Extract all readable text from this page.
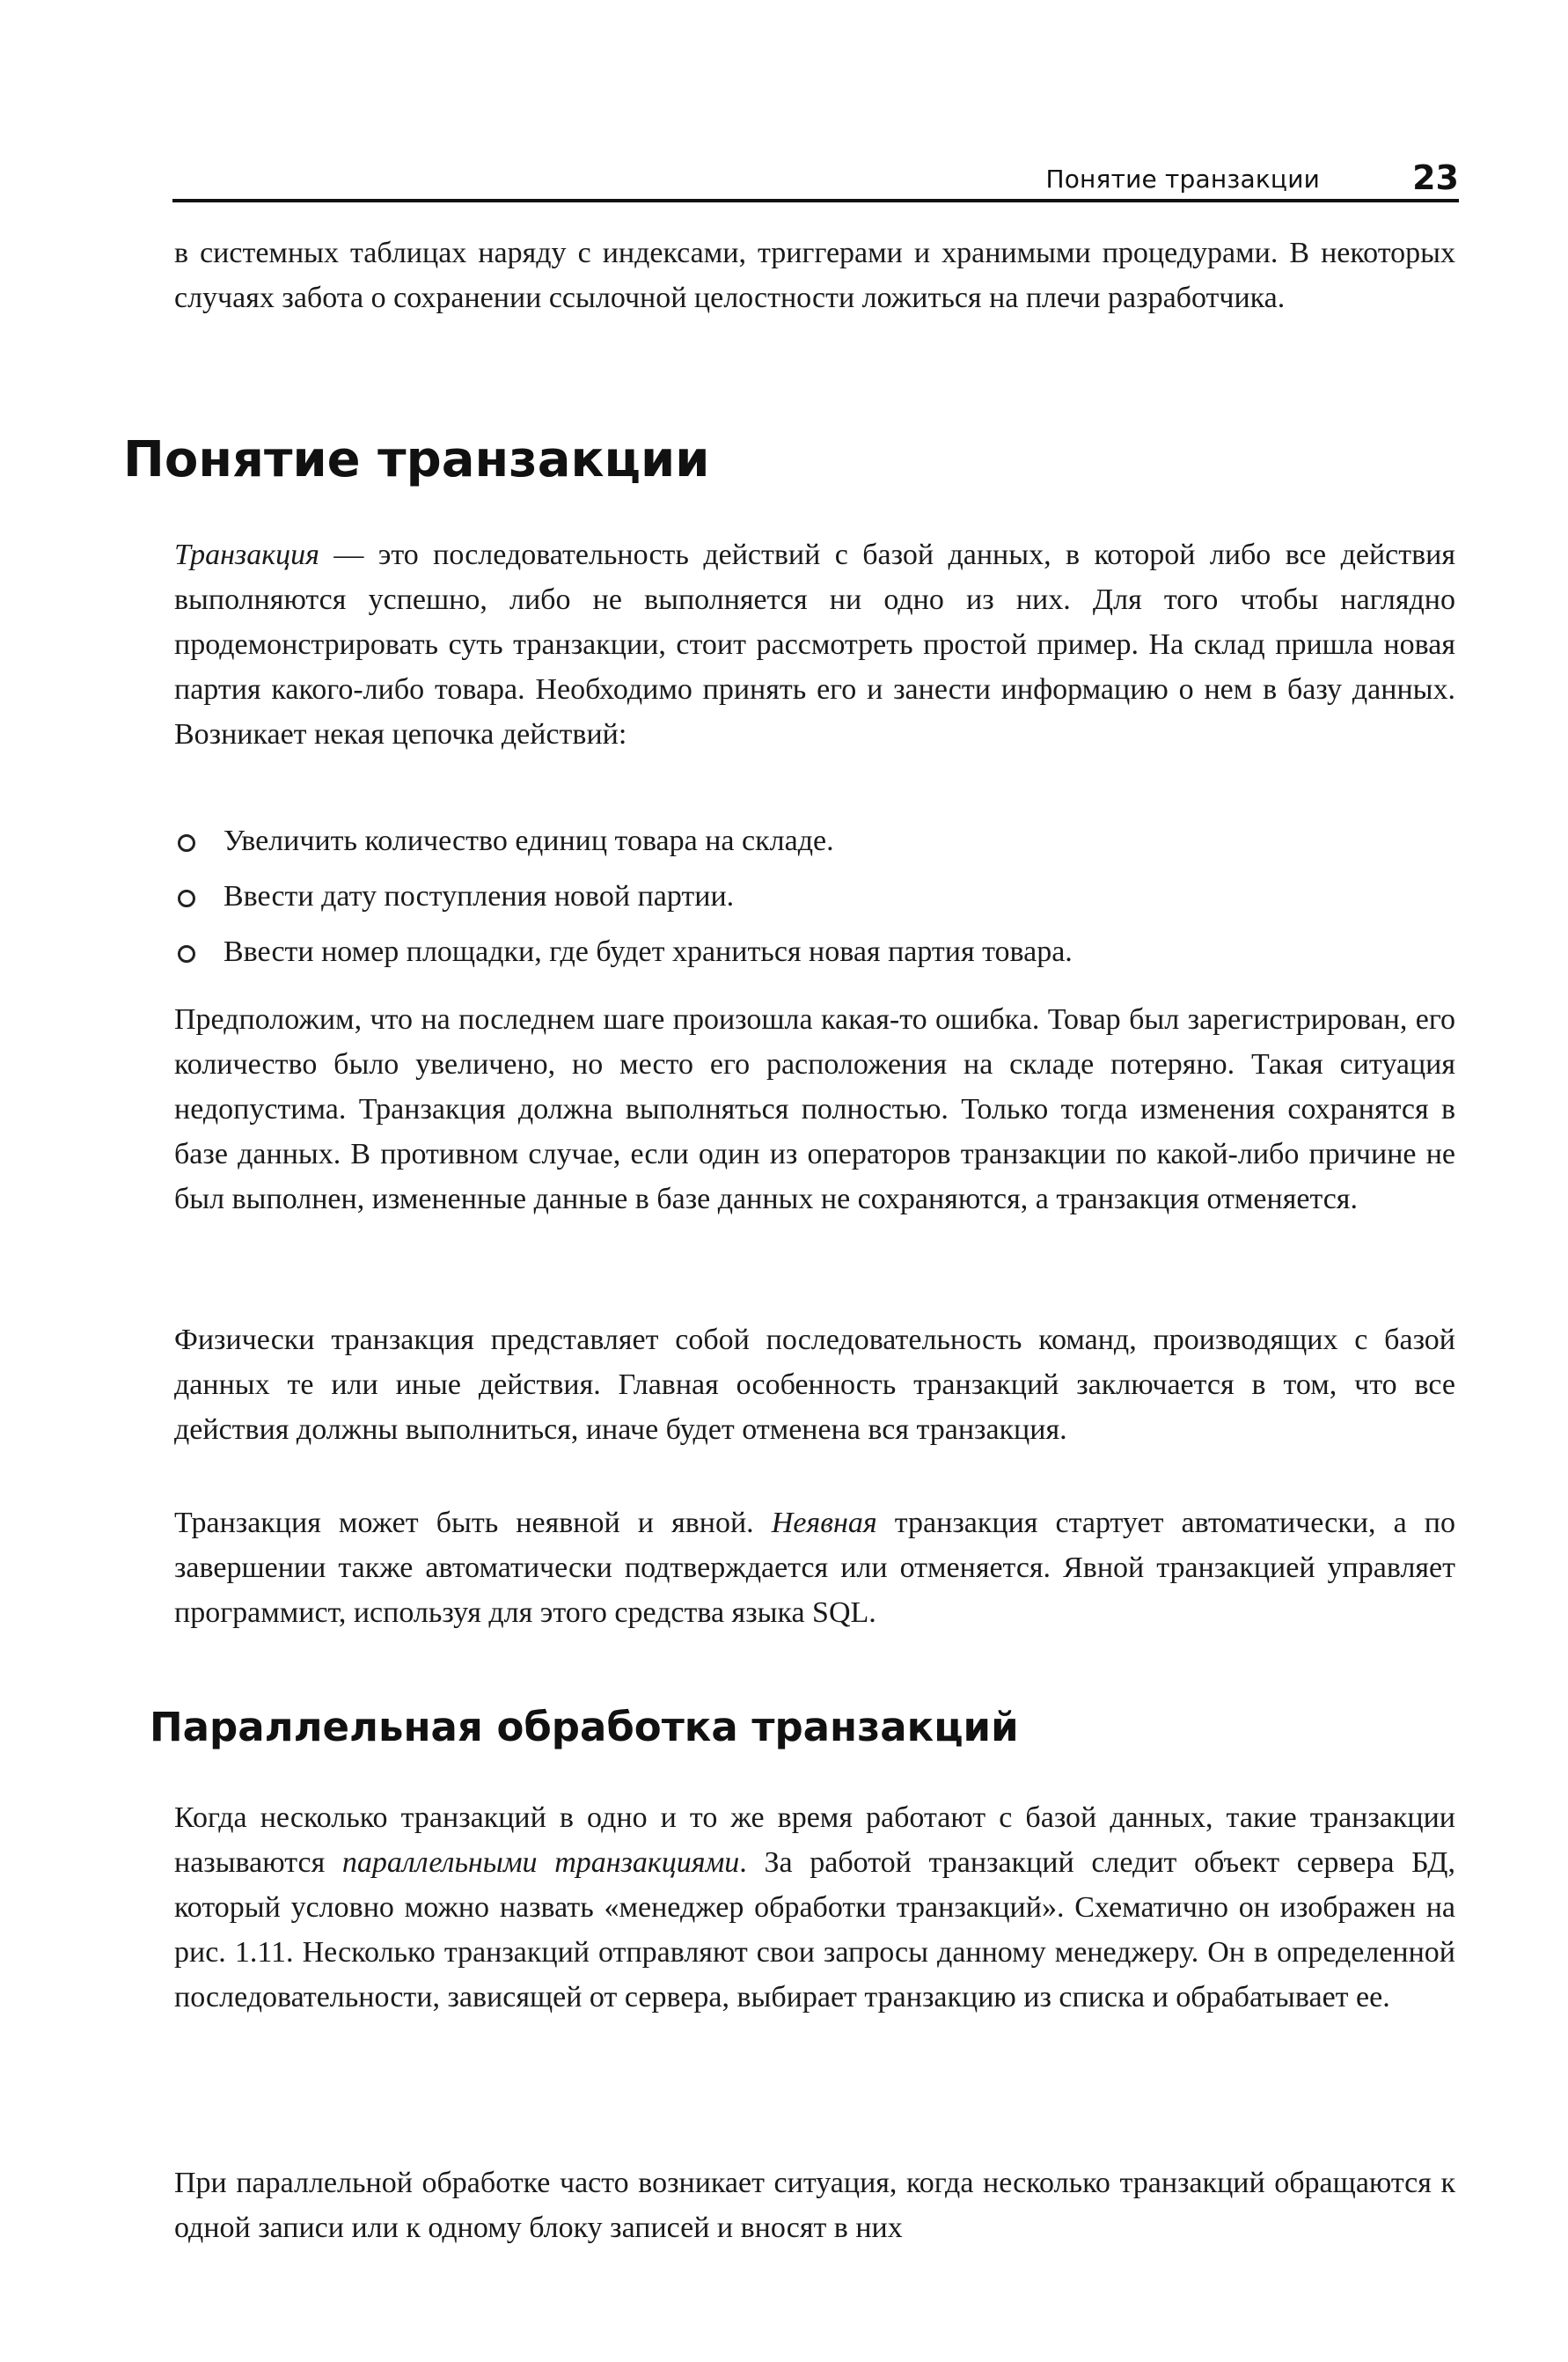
Понятие транзакции	23

в системных таблицах наряду с индексами, триггерами и хранимыми процедурами. В некоторых случаях забота о сохранении ссылочной целостности ложиться на плечи разработчика.

Понятие транзакции

Транзакция — это последовательность действий с базой данных, в которой либо все действия выполняются успешно, либо не выполняется ни одно из них. Для того чтобы наглядно продемонстрировать суть транзакции, стоит рассмотреть простой пример. На склад пришла новая партия какого-либо товара. Необходимо принять его и занести информацию о нем в базу данных. Возникает некая цепочка действий:

Увеличить количество единиц товара на складе.
Ввести дату поступления новой партии.
Ввести номер площадки, где будет храниться новая партия товара.

Предположим, что на последнем шаге произошла какая-то ошибка. Товар был зарегистрирован, его количество было увеличено, но место его расположения на складе потеряно. Такая ситуация недопустима. Транзакция должна выполняться полностью. Только тогда изменения сохранятся в базе данных. В противном случае, если один из операторов транзакции по какой-либо причине не был выполнен, измененные данные в базе данных не сохраняются, а транзакция отменяется.

Физически транзакция представляет собой последовательность команд, производящих с базой данных те или иные действия. Главная особенность транзакций заключается в том, что все действия должны выполниться, иначе будет отменена вся транзакция.

Транзакция может быть неявной и явной. Неявная транзакция стартует автоматически, а по завершении также автоматически подтверждается или отменяется. Явной транзакцией управляет программист, используя для этого средства языка SQL.

Параллельная обработка транзакций

Когда несколько транзакций в одно и то же время работают с базой данных, такие транзакции называются параллельными транзакциями. За работой транзакций следит объект сервера БД, который условно можно назвать «менеджер обработки транзакций». Схематично он изображен на рис. 1.11. Несколько транзакций отправляют свои запросы данному менеджеру. Он в определенной последовательности, зависящей от сервера, выбирает транзакцию из списка и обрабатывает ее.

При параллельной обработке часто возникает ситуация, когда несколько транзакций обращаются к одной записи или к одному блоку записей и вносят в них
